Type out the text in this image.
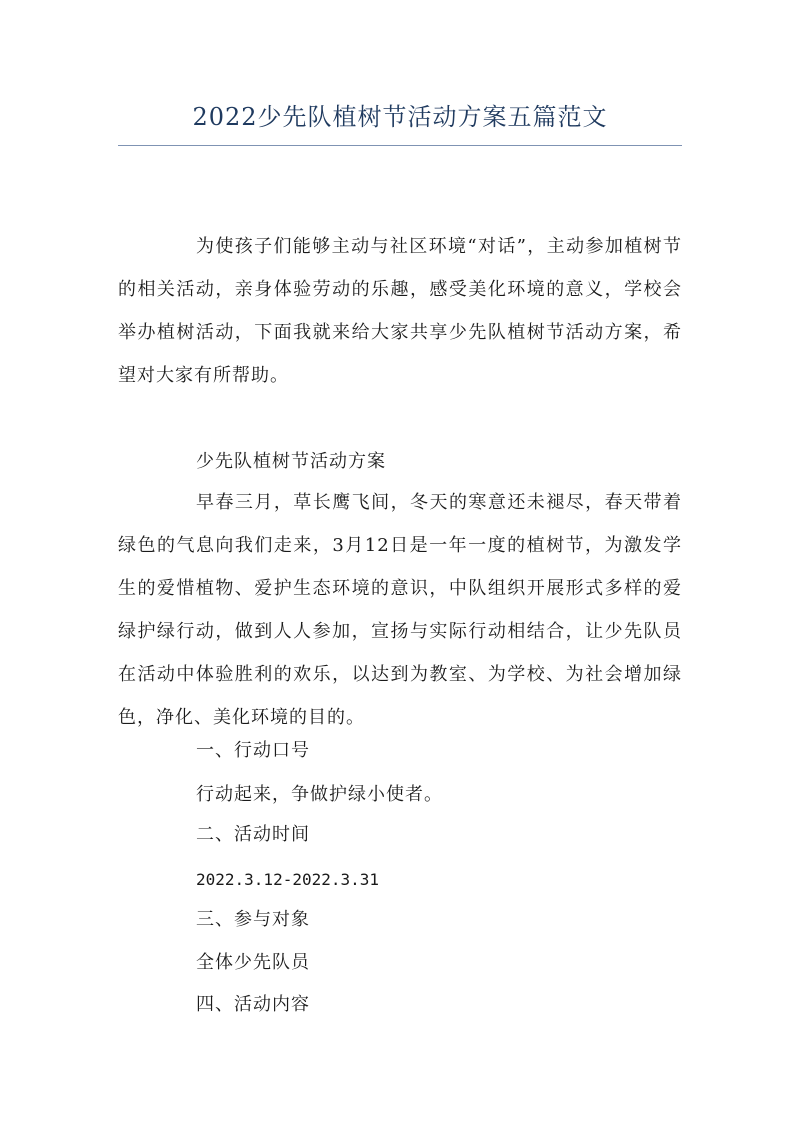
2022少先队植树节活动方案五篇范文

为使孩子们能够主动与社区环境“对话”，主动参加植树节的相关活动，亲身体验劳动的乐趣，感受美化环境的意义，学校会举办植树活动，下面我就来给大家共享少先队植树节活动方案，希望对大家有所帮助。

少先队植树节活动方案

早春三月，草长鹰飞间，冬天的寒意还未褪尽，春天带着绿色的气息向我们走来，3月12日是一年一度的植树节，为激发学生的爱惜植物、爱护生态环境的意识，中队组织开展形式多样的爱绿护绿行动，做到人人参加，宣扬与实际行动相结合，让少先队员在活动中体验胜利的欢乐，以达到为教室、为学校、为社会增加绿色，净化、美化环境的目的。

一、行动口号

行动起来，争做护绿小使者。

二、活动时间

2022.3.12-2022.3.31

三、参与对象

全体少先队员

四、活动内容
